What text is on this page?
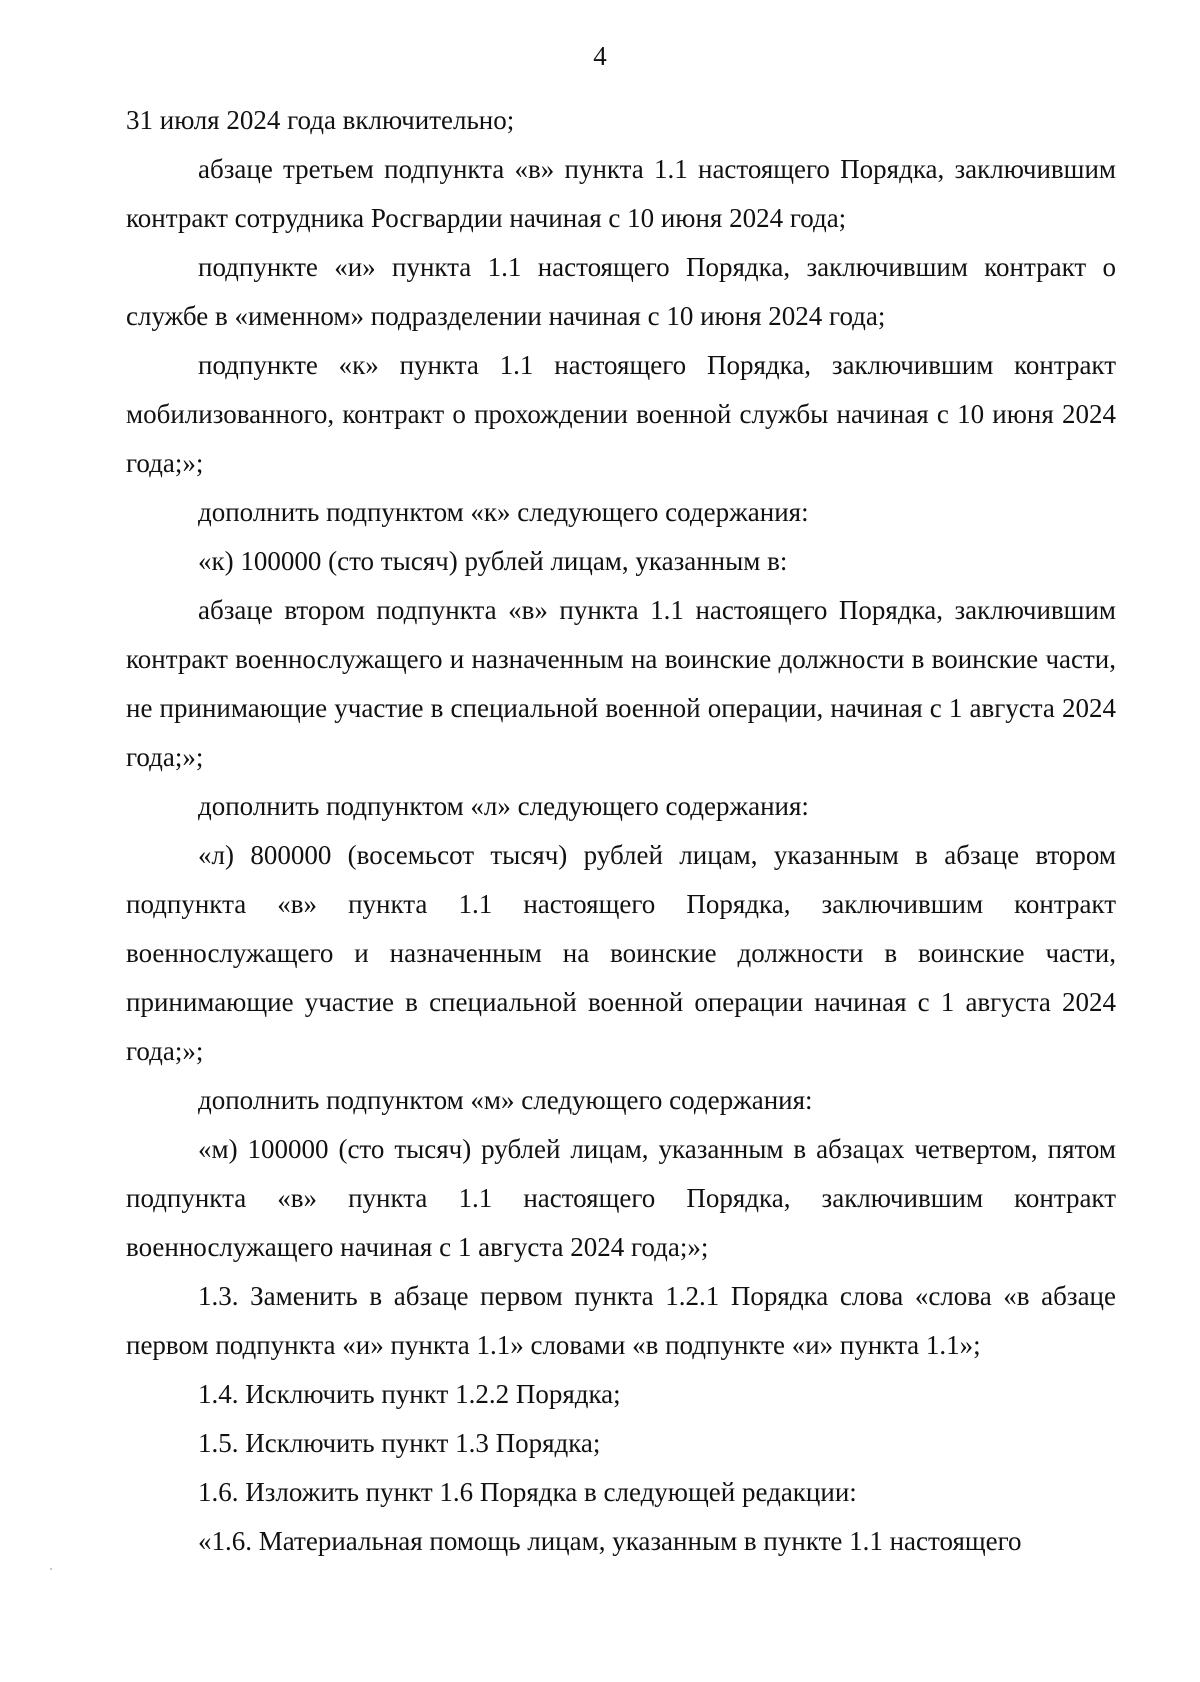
4

31 июля 2024 года включительно;

абзаце третьем подпункта «в» пункта 1.1 настоящего Порядка, заключившим контракт сотрудника Росгвардии начиная с 10 июня 2024 года;

подпункте «и» пункта 1.1 настоящего Порядка, заключившим контракт о службе в «именном» подразделении начиная с 10 июня 2024 года;

подпункте «к» пункта 1.1 настоящего Порядка, заключившим контракт мобилизованного, контракт о прохождении военной службы начиная с 10 июня 2024 года;»;

дополнить подпунктом «к» следующего содержания:

«к) 100000 (сто тысяч) рублей лицам, указанным в:

абзаце втором подпункта «в» пункта 1.1 настоящего Порядка, заключившим контракт военнослужащего и назначенным на воинские должности в воинские части, не принимающие участие в специальной военной операции, начиная с 1 августа 2024 года;»;

дополнить подпунктом «л» следующего содержания:

«л) 800000 (восемьсот тысяч) рублей лицам, указанным в абзаце втором подпункта «в» пункта 1.1 настоящего Порядка, заключившим контракт военнослужащего и назначенным на воинские должности в воинские части, принимающие участие в специальной военной операции начиная с 1 августа 2024 года;»;

дополнить подпунктом «м» следующего содержания:

«м) 100000 (сто тысяч) рублей лицам, указанным в абзацах четвертом, пятом подпункта «в» пункта 1.1 настоящего Порядка, заключившим контракт военнослужащего начиная с 1 августа 2024 года;»;

1.3. Заменить в абзаце первом пункта 1.2.1 Порядка слова «слова «в абзаце первом подпункта «и» пункта 1.1» словами «в подпункте «и» пункта 1.1»;

1.4. Исключить пункт 1.2.2 Порядка;

1.5. Исключить пункт 1.3 Порядка;

1.6. Изложить пункт 1.6 Порядка в следующей редакции:

«1.6. Материальная помощь лицам, указанным в пункте 1.1 настоящего
